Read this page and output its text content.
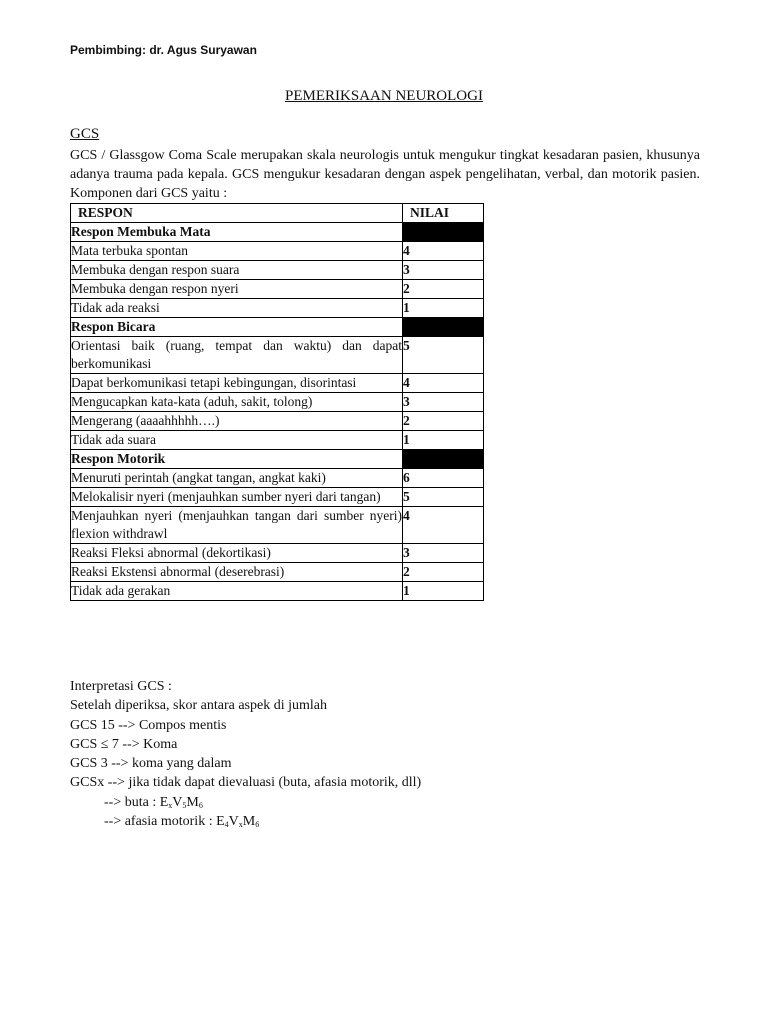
Pembimbing: dr. Agus Suryawan
PEMERIKSAAN NEUROLOGI
GCS

GCS / Glassgow Coma Scale merupakan skala neurologis untuk mengukur tingkat kesadaran pasien, khusunya adanya trauma pada kepala. GCS mengukur kesadaran dengan aspek pengelihatan, verbal, dan motorik pasien. Komponen dari GCS yaitu :

RESPON	NILAI
Respon Membuka Mata	
Mata terbuka spontan	4
Membuka dengan respon suara	3
Membuka dengan respon nyeri	2
Tidak ada reaksi	1
Respon Bicara	
Orientasi baik (ruang, tempat dan waktu) dan dapat berkomunikasi	5
Dapat berkomunikasi tetapi kebingungan, disorintasi	4
Mengucapkan kata-kata (aduh, sakit, tolong)	3
Mengerang (aaaahhhhh….)	2
Tidak ada suara	1
Respon Motorik	
Menuruti perintah (angkat tangan, angkat kaki)	6
Melokalisir nyeri (menjauhkan sumber nyeri dari tangan)	5
Menjauhkan nyeri (menjauhkan tangan dari sumber nyeri) flexion withdrawl	4
Reaksi Fleksi abnormal (dekortikasi)	3
Reaksi Ekstensi abnormal (deserebrasi)	2
Tidak ada gerakan	1
Interpretasi GCS :
Setelah diperiksa, skor antara aspek di jumlah
GCS 15 --> Compos mentis
GCS ≤ 7 --> Koma
GCS 3 --> koma yang dalam
GCSx --> jika tidak dapat dievaluasi (buta, afasia motorik, dll)
--> buta : $E_xV_5M_6$
--> afasia motorik : $E_4V_xM_6$
